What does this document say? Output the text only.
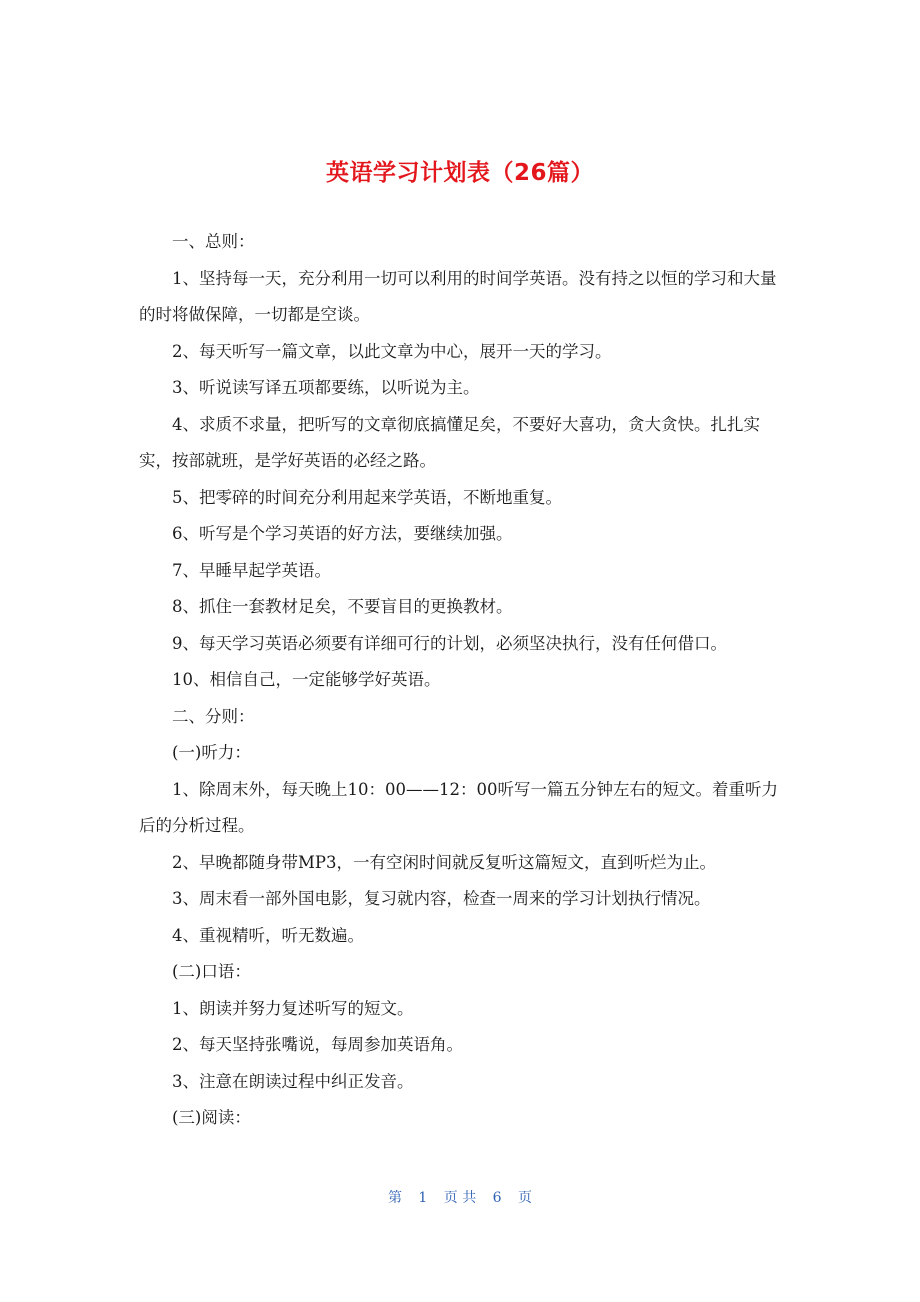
英语学习计划表（26篇）

一、总则：

1、坚持每一天，充分利用一切可以利用的时间学英语。没有持之以恒的学习和大量的时将做保障，一切都是空谈。

2、每天听写一篇文章，以此文章为中心，展开一天的学习。

3、听说读写译五项都要练，以听说为主。

4、求质不求量，把听写的文章彻底搞懂足矣，不要好大喜功，贪大贪快。扎扎实实，按部就班，是学好英语的必经之路。

5、把零碎的时间充分利用起来学英语，不断地重复。

6、听写是个学习英语的好方法，要继续加强。

7、早睡早起学英语。

8、抓住一套教材足矣，不要盲目的更换教材。

9、每天学习英语必须要有详细可行的计划，必须坚决执行，没有任何借口。

10、相信自己，一定能够学好英语。

二、分则：

(一)听力：

1、除周末外，每天晚上10：00——12：00听写一篇五分钟左右的短文。着重听力后的分析过程。

2、早晚都随身带MP3，一有空闲时间就反复听这篇短文，直到听烂为止。

3、周末看一部外国电影，复习就内容，检查一周来的学习计划执行情况。

4、重视精听，听无数遍。

(二)口语：

1、朗读并努力复述听写的短文。

2、每天坚持张嘴说，每周参加英语角。

3、注意在朗读过程中纠正发音。

(三)阅读：

第 1 页 共 6 页
